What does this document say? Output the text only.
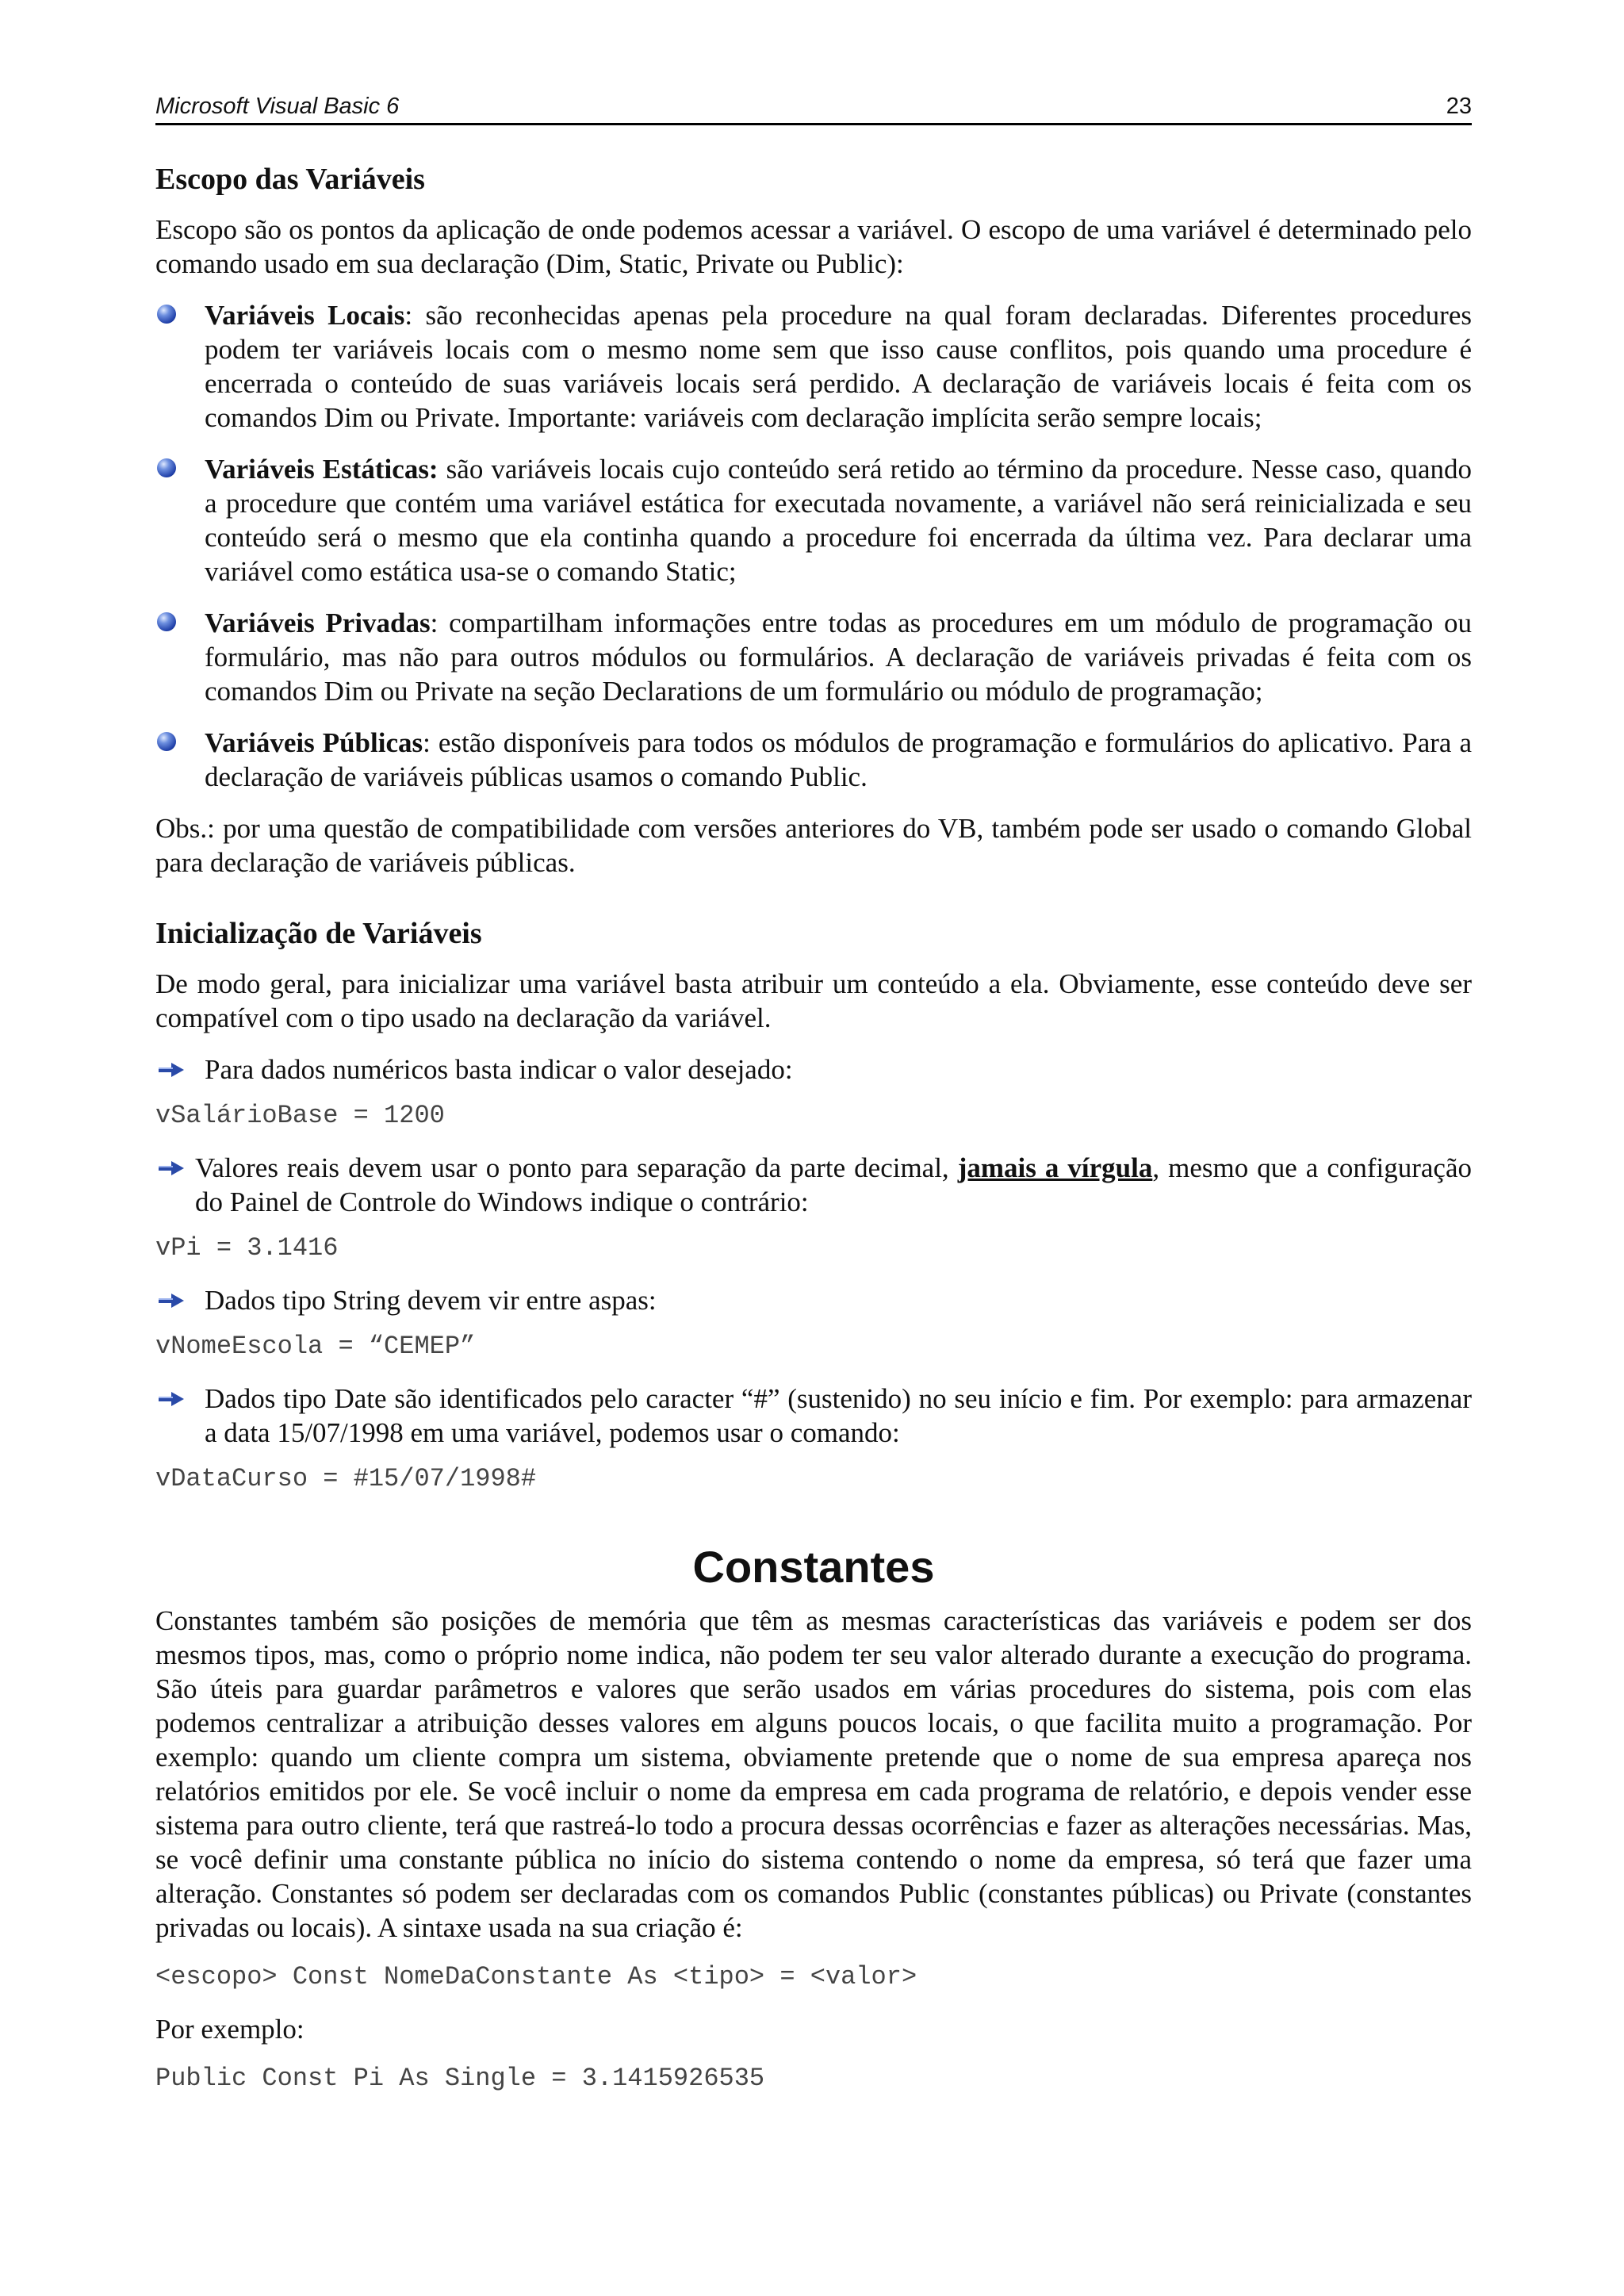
Microsoft Visual Basic 6	23
Escopo das Variáveis

Escopo são os pontos da aplicação de onde podemos acessar a variável. O escopo de uma variável é determinado pelo comando usado em sua declaração (Dim, Static, Private ou Public):

Variáveis Locais: são reconhecidas apenas pela procedure na qual foram declaradas. Diferentes procedures podem ter variáveis locais com o mesmo nome sem que isso cause conflitos, pois quando uma procedure é encerrada o conteúdo de suas variáveis locais será perdido. A declaração de variáveis locais é feita com os comandos Dim ou Private. Importante: variáveis com declaração implícita serão sempre locais;

Variáveis Estáticas: são variáveis locais cujo conteúdo será retido ao término da procedure. Nesse caso, quando a procedure que contém uma variável estática for executada novamente, a variável não será reinicializada e seu conteúdo será o mesmo que ela continha quando a procedure foi encerrada da última vez. Para declarar uma variável como estática usa-se o comando Static;

Variáveis Privadas: compartilham informações entre todas as procedures em um módulo de programação ou formulário, mas não para outros módulos ou formulários. A declaração de variáveis privadas é feita com os comandos Dim ou Private na seção Declarations de um formulário ou módulo de programação;

Variáveis Públicas: estão disponíveis para todos os módulos de programação e formulários do aplicativo. Para a declaração de variáveis públicas usamos o comando Public.

Obs.: por uma questão de compatibilidade com versões anteriores do VB, também pode ser usado o comando Global para declaração de variáveis públicas.

Inicialização de Variáveis

De modo geral, para inicializar uma variável basta atribuir um conteúdo a ela. Obviamente, esse conteúdo deve ser compatível com o tipo usado na declaração da variável.

Para dados numéricos basta indicar o valor desejado:

vSalárioBase = 1200

Valores reais devem usar o ponto para separação da parte decimal, jamais a vírgula, mesmo que a configuração do Painel de Controle do Windows indique o contrário:

vPi = 3.1416

Dados tipo String devem vir entre aspas:

vNomeEscola = “CEMEP”

Dados tipo Date são identificados pelo caracter “#” (sustenido) no seu início e fim. Por exemplo: para armazenar a data 15/07/1998 em uma variável, podemos usar o comando:

vDataCurso = #15/07/1998#
Constantes

Constantes também são posições de memória que têm as mesmas características das variáveis e podem ser dos mesmos tipos, mas, como o próprio nome indica, não podem ter seu valor alterado durante a execução do programa. São úteis para guardar parâmetros e valores que serão usados em várias procedures do sistema, pois com elas podemos centralizar a atribuição desses valores em alguns poucos locais, o que facilita muito a programação. Por exemplo: quando um cliente compra um sistema, obviamente pretende que o nome de sua empresa apareça nos relatórios emitidos por ele. Se você incluir o nome da empresa em cada programa de relatório, e depois vender esse sistema para outro cliente, terá que rastreá-lo todo a procura dessas ocorrências e fazer as alterações necessárias. Mas, se você definir uma constante pública no início do sistema contendo o nome da empresa, só terá que fazer uma alteração. Constantes só podem ser declaradas com os comandos Public (constantes públicas) ou Private (constantes privadas ou locais). A sintaxe usada na sua criação é:

<escopo> Const NomeDaConstante As <tipo> = <valor>

Por exemplo:

Public Const Pi As Single = 3.1415926535
